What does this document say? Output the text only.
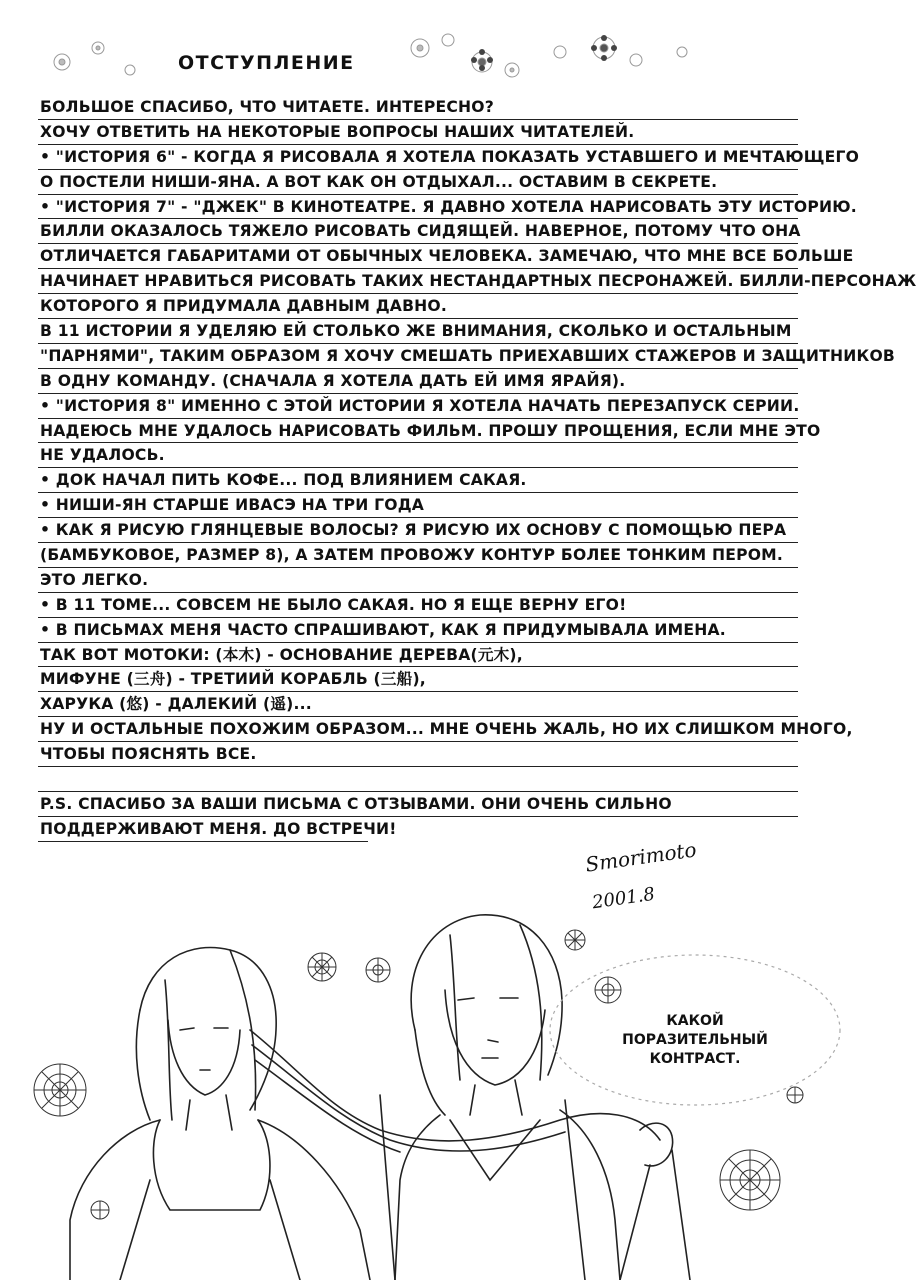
ОТСТУПЛЕНИЕ
БОЛЬШОЕ СПАСИБО, ЧТО ЧИТАЕТЕ. ИНТЕРЕСНО?
ХОЧУ ОТВЕТИТЬ НА НЕКОТОРЫЕ ВОПРОСЫ НАШИХ ЧИТАТЕЛЕЙ.
• "ИСТОРИЯ 6" - КОГДА Я РИСОВАЛА Я ХОТЕЛА ПОКАЗАТЬ УСТАВШЕГО И МЕЧТАЮЩЕГО
О ПОСТЕЛИ НИШИ-ЯНА. А ВОТ КАК ОН ОТДЫХАЛ... ОСТАВИМ В СЕКРЕТЕ.
• "ИСТОРИЯ 7" - "ДЖЕК" В КИНОТЕАТРЕ. Я ДАВНО ХОТЕЛА НАРИСОВАТЬ ЭТУ ИСТОРИЮ.
БИЛЛИ ОКАЗАЛОСЬ ТЯЖЕЛО РИСОВАТЬ СИДЯЩЕЙ. НАВЕРНОЕ, ПОТОМУ ЧТО ОНА
ОТЛИЧАЕТСЯ ГАБАРИТАМИ ОТ ОБЫЧНЫХ ЧЕЛОВЕКА. ЗАМЕЧАЮ, ЧТО МНЕ ВСЕ БОЛЬШЕ
НАЧИНАЕТ НРАВИТЬСЯ РИСОВАТЬ ТАКИХ НЕСТАНДАРТНЫХ ПЕСРОНАЖЕЙ. БИЛЛИ-ПЕРСОНАЖ
КОТОРОГО Я ПРИДУМАЛА ДАВНЫМ ДАВНО.
В 11 ИСТОРИИ Я УДЕЛЯЮ ЕЙ СТОЛЬКО ЖЕ ВНИМАНИЯ, СКОЛЬКО И ОСТАЛЬНЫМ
"ПАРНЯМИ", ТАКИМ ОБРАЗОМ Я ХОЧУ СМЕШАТЬ ПРИЕХАВШИХ СТАЖЕРОВ И ЗАЩИТНИКОВ
В ОДНУ КОМАНДУ. (СНАЧАЛА Я ХОТЕЛА ДАТЬ ЕЙ ИМЯ ЯРАЙЯ).
• "ИСТОРИЯ 8" ИМЕННО С ЭТОЙ ИСТОРИИ Я ХОТЕЛА НАЧАТЬ ПЕРЕЗАПУСК СЕРИИ.
НАДЕЮСЬ МНЕ УДАЛОСЬ НАРИСОВАТЬ ФИЛЬМ. ПРОШУ ПРОЩЕНИЯ, ЕСЛИ МНЕ ЭТО
НЕ УДАЛОСЬ.
• ДОК НАЧАЛ ПИТЬ КОФЕ... ПОД ВЛИЯНИЕМ САКАЯ.
• НИШИ-ЯН СТАРШЕ ИВАСЭ НА ТРИ ГОДА
• КАК Я РИСУЮ ГЛЯНЦЕВЫЕ ВОЛОСЫ? Я РИСУЮ ИХ ОСНОВУ С ПОМОЩЬЮ ПЕРА
(БАМБУКОВОЕ, РАЗМЕР 8), А ЗАТЕМ ПРОВОЖУ КОНТУР БОЛЕЕ ТОНКИМ ПЕРОМ.
ЭТО ЛЕГКО.
• В 11 ТОМЕ... СОВСЕМ НЕ БЫЛО САКАЯ. НО Я ЕЩЕ ВЕРНУ ЕГО!
• В ПИСЬМАХ МЕНЯ ЧАСТО СПРАШИВАЮТ, КАК Я ПРИДУМЫВАЛА ИМЕНА.
ТАК ВОТ МОТОКИ: (本木) - ОСНОВАНИЕ ДЕРЕВА(元木),
МИФУНЕ (三舟) - ТРЕТИИЙ КОРАБЛЬ (三船),
ХАРУКА (悠) - ДАЛЕКИЙ (遥)...
НУ И ОСТАЛЬНЫЕ ПОХОЖИМ ОБРАЗОМ... МНЕ ОЧЕНЬ ЖАЛЬ, НО ИХ СЛИШКОМ МНОГО,
ЧТОБЫ ПОЯСНЯТЬ ВСЕ.
P.S. СПАСИБО ЗА ВАШИ ПИСЬМА С ОТЗЫВАМИ. ОНИ ОЧЕНЬ СИЛЬНО
ПОДДЕРЖИВАЮТ МЕНЯ. ДО ВСТРЕЧИ!
Smorimoto
2001.8
КАКОЙ
ПОРАЗИТЕЛЬНЫЙ
КОНТРАСТ.
